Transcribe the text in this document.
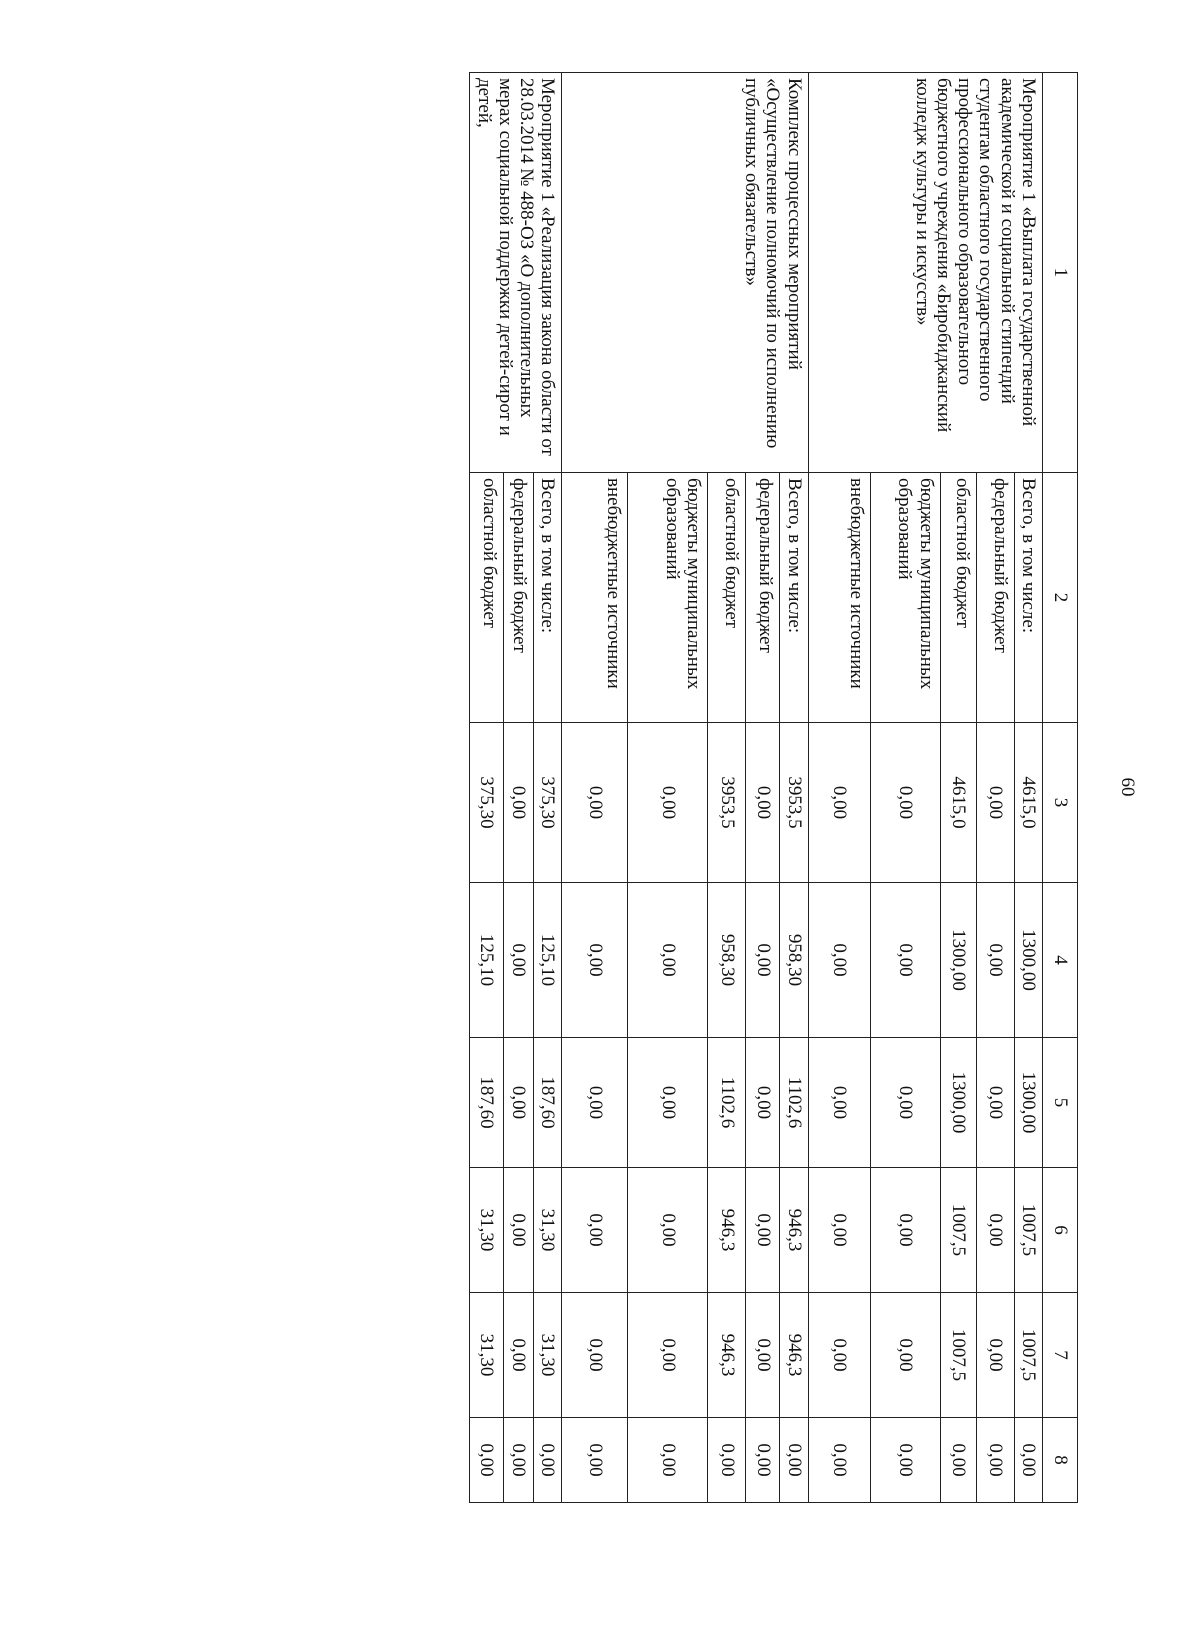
60
1	2	3	4	5	6	7	8
Мероприятие 1 «Выплата государственной академической и социальной стипендий студентам областного государственного профессионального образовательного бюджетного учреждения «Биробиджанский колледж культуры и искусств»	Всего, в том числе:	4615,0	1300,00	1300,00	1007,5	1007,5	0,00
	федеральный бюджет	0,00	0,00	0,00	0,00	0,00	0,00
	областной бюджет	4615,0	1300,00	1300,00	1007,5	1007,5	0,00
	бюджеты муниципальных образований	0,00	0,00	0,00	0,00	0,00	0,00
	внебюджетные источники	0,00	0,00	0,00	0,00	0,00	0,00
Комплекс процессных мероприятий «Осуществление полномочий по исполнению публичных обязательств»	Всего, в том числе:	3953,5	958,30	1102,6	946,3	946,3	0,00
	федеральный бюджет	0,00	0,00	0,00	0,00	0,00	0,00
	областной бюджет	3953,5	958,30	1102,6	946,3	946,3	0,00
	бюджеты муниципальных образований	0,00	0,00	0,00	0,00	0,00	0,00
	внебюджетные источники	0,00	0,00	0,00	0,00	0,00	0,00
Мероприятие 1 «Реализация закона области от 28.03.2014 № 488-ОЗ «О дополнительных мерах социальной поддержки детей-сирот и детей,	Всего, в том числе:	375,30	125,10	187,60	31,30	31,30	0,00
	федеральный бюджет	0,00	0,00	0,00	0,00	0,00	0,00
	областной бюджет	375,30	125,10	187,60	31,30	31,30	0,00
